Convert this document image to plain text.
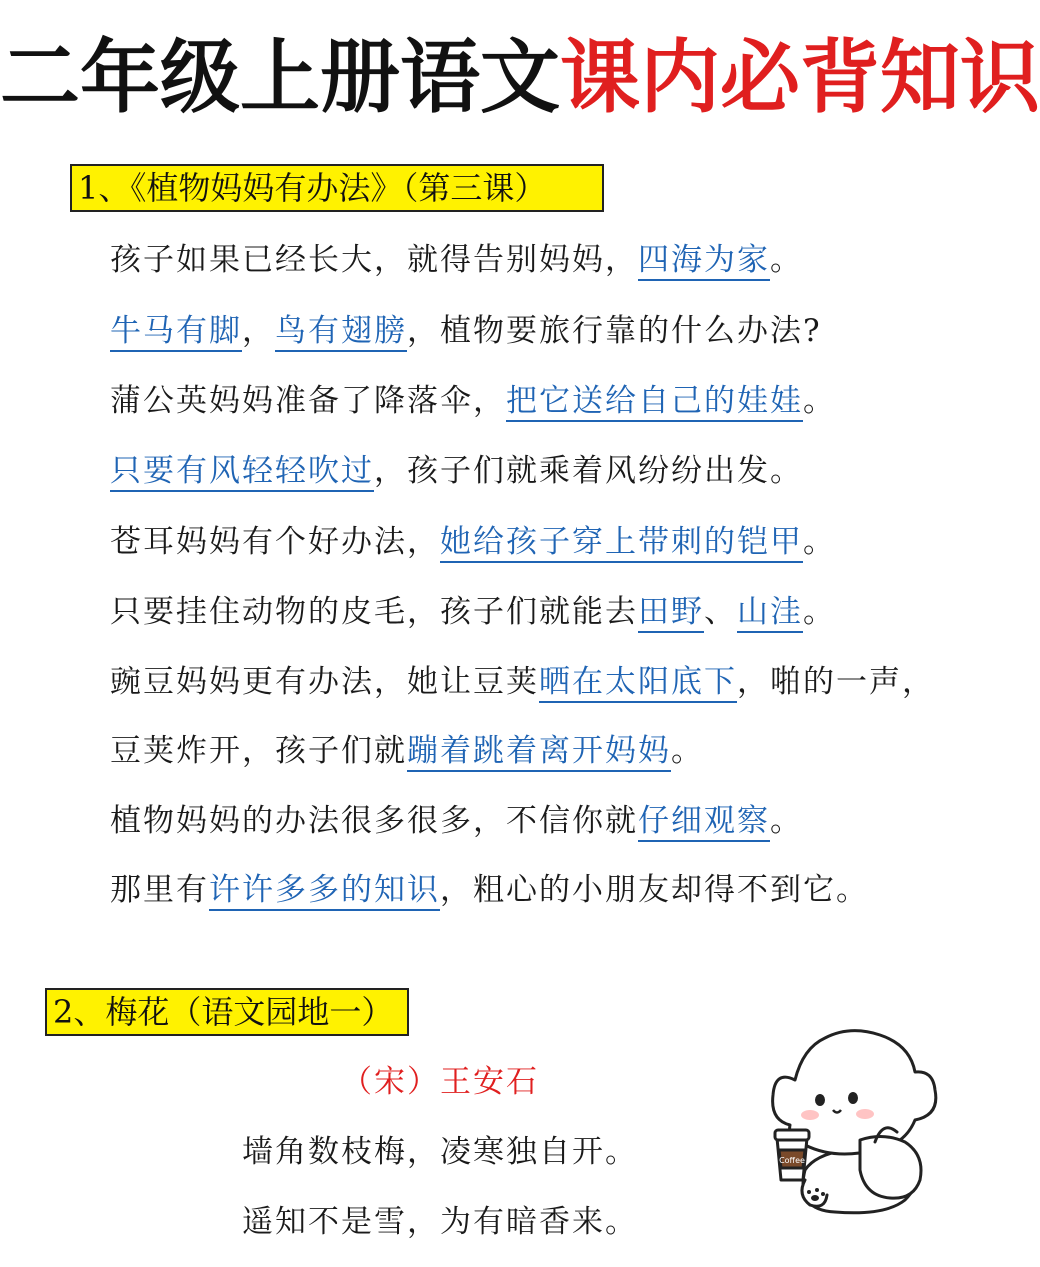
二年级上册语文课内必背知识
1、《植物妈妈有办法》（第三课）
孩子如果已经长大，就得告别妈妈，四海为家。
牛马有脚，鸟有翅膀，植物要旅行靠的什么办法?
蒲公英妈妈准备了降落伞，把它送给自己的娃娃。
只要有风轻轻吹过，孩子们就乘着风纷纷出发。
苍耳妈妈有个好办法，她给孩子穿上带刺的铠甲。
只要挂住动物的皮毛，孩子们就能去田野、山洼。
豌豆妈妈更有办法，她让豆荚晒在太阳底下，啪的一声，
豆荚炸开，孩子们就蹦着跳着离开妈妈。
植物妈妈的办法很多很多，不信你就仔细观察。
那里有许许多多的知识，粗心的小朋友却得不到它。
2、梅花（语文园地一）
（宋）王安石
墙角数枝梅，凌寒独自开。
遥知不是雪，为有暗香来。
Coffee
